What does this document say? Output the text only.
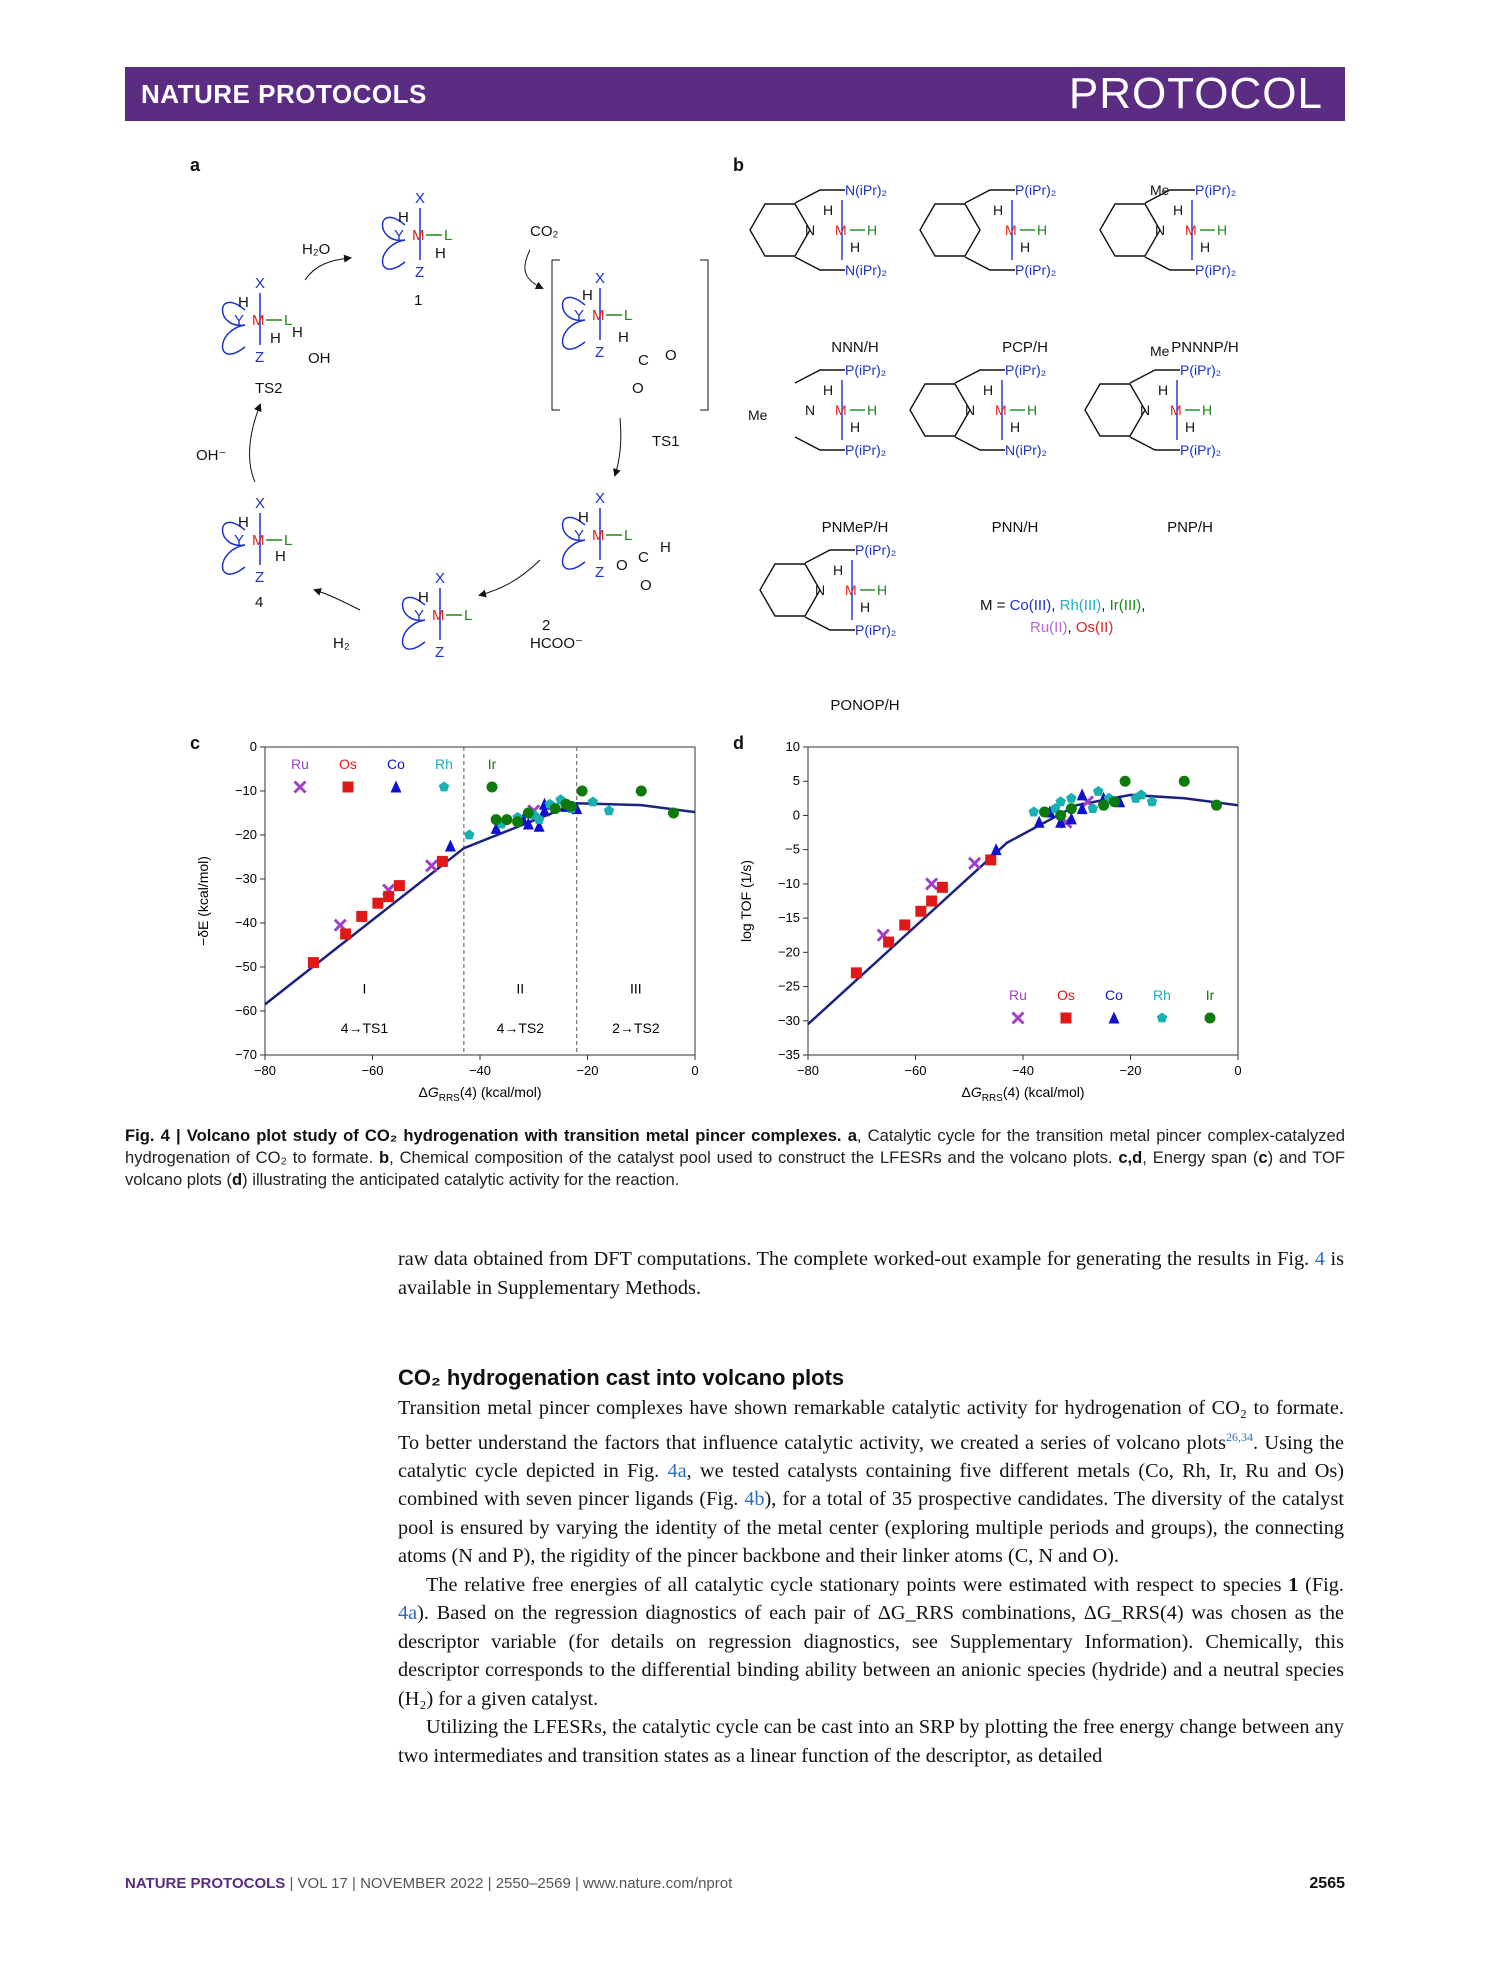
NATURE PROTOCOLS	PROTOCOL
a	b
c	d
X
Z
Y M L
H
H
1
X
Z
Y M L
H
H
C O
O
TS1
X
Z
Y M L
H
O C
H
O
2
X
Z
Y M L
H
X
Z
Y M L
H
H
4
X
Z
Y M L
H
H H
OH
TS2
H₂O
CO₂
OH⁻
H₂	HCOO⁻
N(iPr)₂
N(iPr)₂
N M H
H
H
P(iPr)₂
P(iPr)₂
M H
H
H
P(iPr)₂
P(iPr)₂
N M H
H
H
P(iPr)₂
P(iPr)₂
N M H
H
H
P(iPr)₂
N(iPr)₂
N M H
H
H
P(iPr)₂
P(iPr)₂
N M H
H
H
P(iPr)₂
P(iPr)₂
N M H
H
H
Me
Me
Me
NNN/H	PCP/H	PNNNP/H
PNMeP/H	PNN/H	PNP/H
PONOP/H
M = Co(III), Rh(III), Ir(III),
Ru(II), Os(II)
−80	−60	−40	−20	0
0
−10
−20
−30
−40
−50
−60
−70
$\Delta G_{RRS}(4)$ (kcal/mol)
−δE (kcal/mol)
I
4→TS1
II
4→TS2
III
2→TS2
Ru Os Co Rh Ir
−80	−60	−40	−20	0
10
5
0
−5
−10
−15
−20
−25
−30
−35
$\Delta G_{RRS}(4)$ (kcal/mol)
log TOF (1/s)
Ru Os Co Rh Ir
Fig. 4 | Volcano plot study of CO₂ hydrogenation with transition metal pincer complexes. a, Catalytic cycle for the transition metal pincer complex-catalyzed hydrogenation of CO₂ to formate. b, Chemical composition of the catalyst pool used to construct the LFESRs and the volcano plots. c,d, Energy span (c) and TOF volcano plots (d) illustrating the anticipated catalytic activity for the reaction.

raw data obtained from DFT computations. The complete worked-out example for generating the results in Fig. 4 is available in Supplementary Methods.

CO₂ hydrogenation cast into volcano plots

Transition metal pincer complexes have shown remarkable catalytic activity for hydrogenation of CO₂ to formate. To better understand the factors that influence catalytic activity, we created a series of volcano plots$^{26,34}$. Using the catalytic cycle depicted in Fig. 4a, we tested catalysts containing five different metals (Co, Rh, Ir, Ru and Os) combined with seven pincer ligands (Fig. 4b), for a total of 35 prospective candidates. The diversity of the catalyst pool is ensured by varying the identity of the metal center (exploring multiple periods and groups), the connecting atoms (N and P), the rigidity of the pincer backbone and their linker atoms (C, N and O).

The relative free energies of all catalytic cycle stationary points were estimated with respect to species 1 (Fig. 4a). Based on the regression diagnostics of each pair of ΔG_RRS combinations, ΔG_RRS(4) was chosen as the descriptor variable (for details on regression diagnostics, see Supplementary Information). Chemically, this descriptor corresponds to the differential binding ability between an anionic species (hydride) and a neutral species (H₂) for a given catalyst.

Utilizing the LFESRs, the catalytic cycle can be cast into an SRP by plotting the free energy change between any two intermediates and transition states as a linear function of the descriptor, as detailed

NATURE PROTOCOLS | VOL 17 | NOVEMBER 2022 | 2550–2569 | www.nature.com/nprot	2565
